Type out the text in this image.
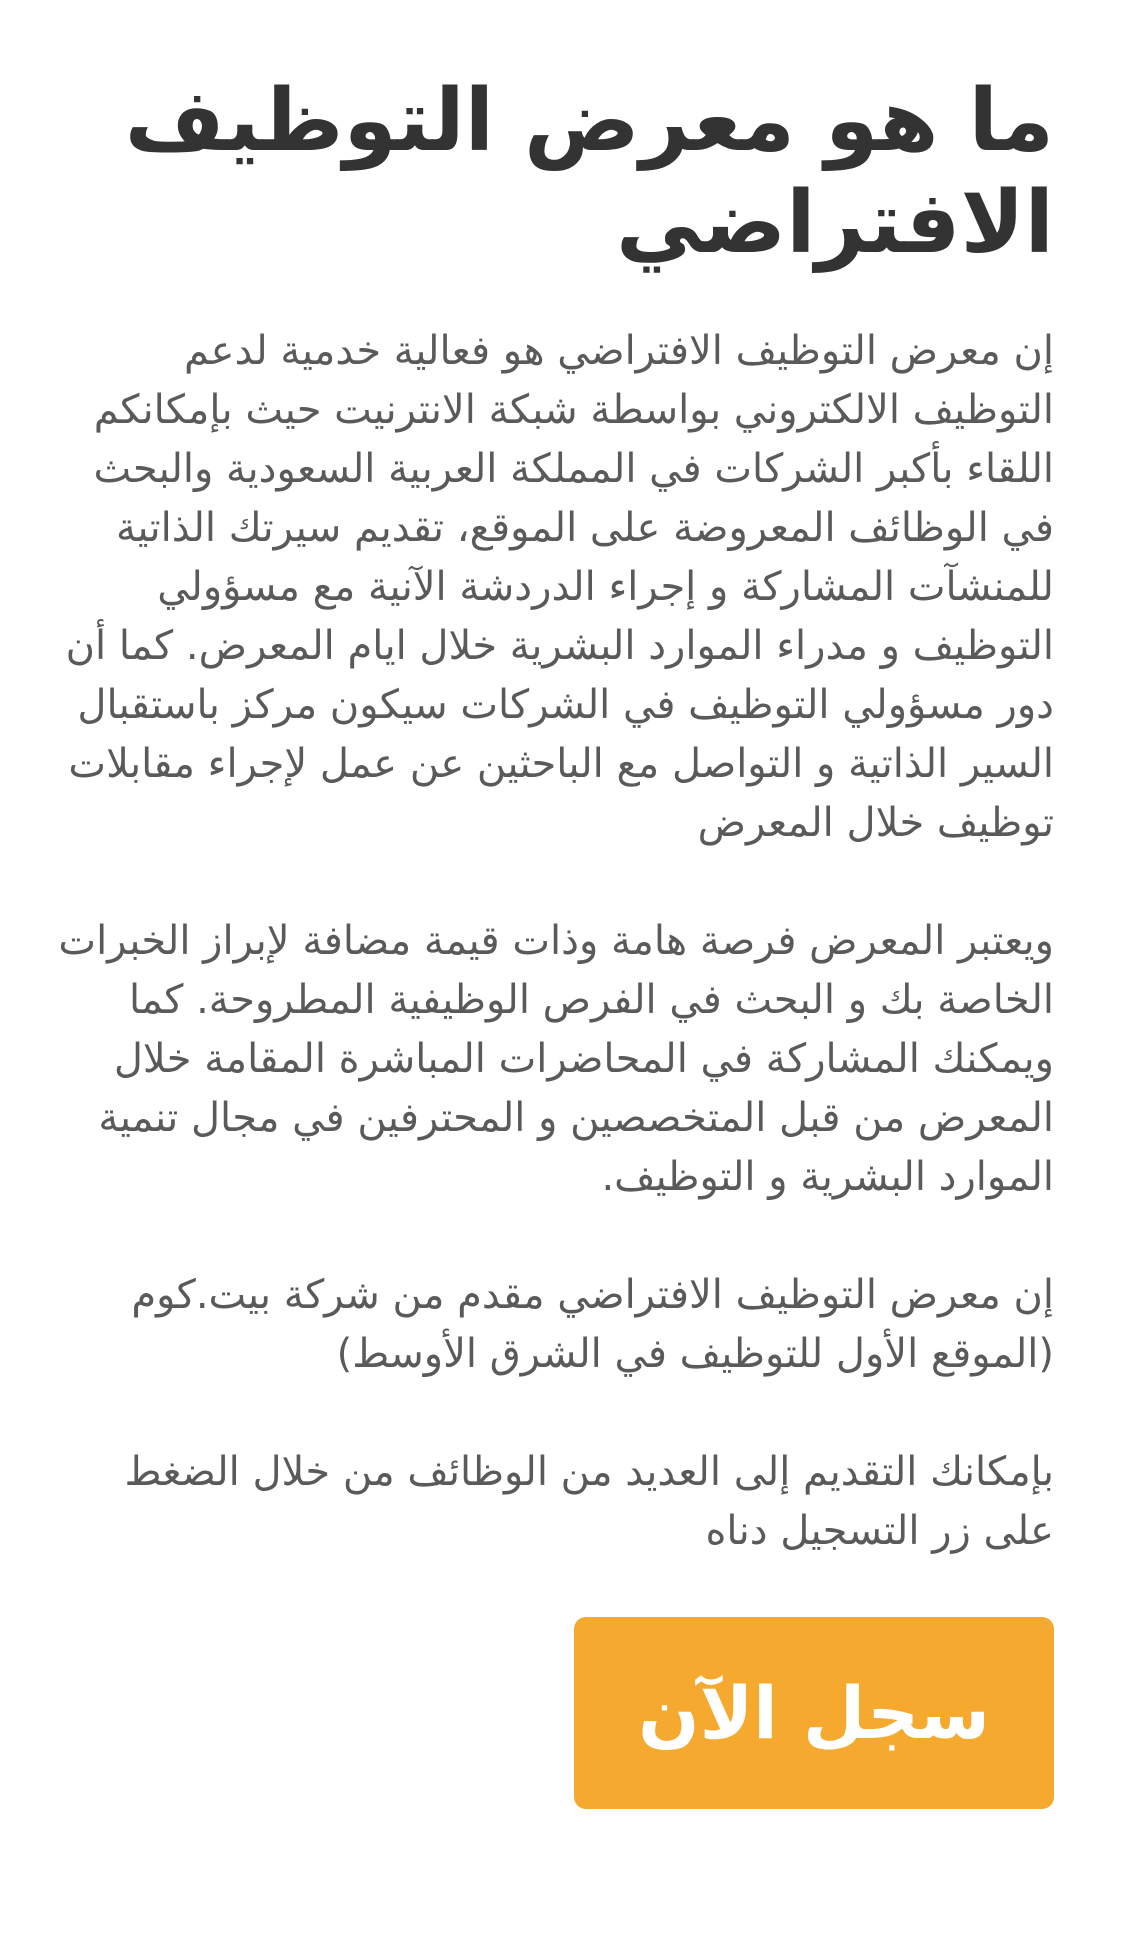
ما هو معرض التوظيف الافتراضي

إن معرض التوظيف الافتراضي هو فعالية خدمية لدعم التوظيف الالكتروني بواسطة شبكة الانترنيت حيث بإمكانكم اللقاء بأكبر الشركات في المملكة العربية السعودية والبحث في الوظائف المعروضة على الموقع، تقديم سيرتك الذاتية للمنشآت المشاركة و إجراء الدردشة الآنية مع مسؤولي التوظيف و مدراء الموارد البشرية خلال ايام المعرض. كما أن دور مسؤولي التوظيف في الشركات سيكون مركز باستقبال السير الذاتية و التواصل مع الباحثين عن عمل لإجراء مقابلات توظيف خلال المعرض

ويعتبر المعرض فرصة هامة وذات قيمة مضافة لإبراز الخبرات الخاصة بك و البحث في الفرص الوظيفية المطروحة. كما ويمكنك المشاركة في المحاضرات المباشرة المقامة خلال المعرض من قبل المتخصصين و المحترفين في مجال تنمية الموارد البشرية و التوظيف.

إن معرض التوظيف الافتراضي مقدم من شركة بيت.كوم (الموقع الأول للتوظيف في الشرق الأوسط)

بإمكانك التقديم إلى العديد من الوظائف من خلال الضغط على زر التسجيل دناه

سجل الآن
